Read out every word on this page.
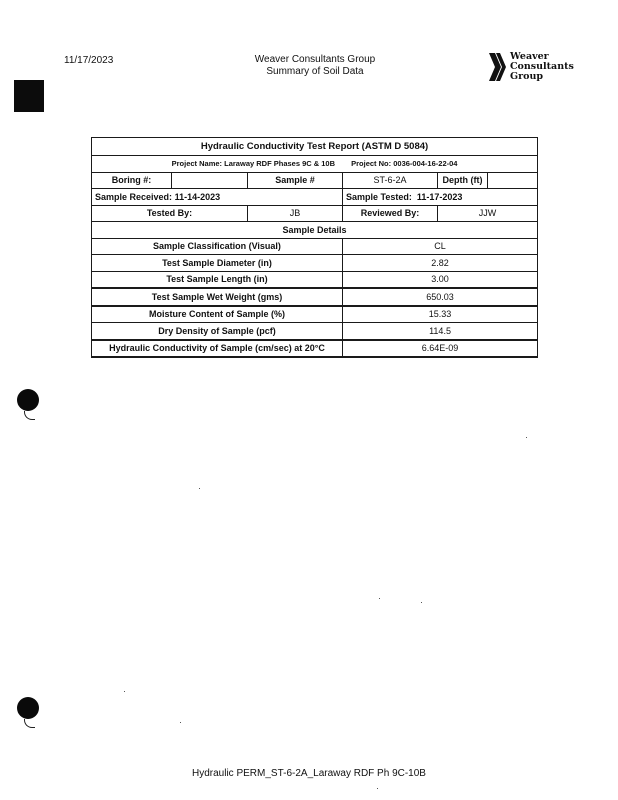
11/17/2023	Weaver Consultants Group
Summary of Soil Data
Weaver
Consultants
Group
Hydraulic Conductivity Test Report (ASTM D 5084)					
Project Name: Laraway RDF Phases 9C & 10B Project No: 0036-004-16-22-04					
Boring #:		Sample #	ST-6-2A	Depth (ft)	
Sample Received: 11-14-2023			Sample Tested: 11-17-2023		
Tested By:		JB	Reviewed By:	JJW	
Sample Details					
Sample Classification (Visual)			CL		
Test Sample Diameter (in)			2.82		
Test Sample Length (in)			3.00		
Test Sample Wet Weight (gms)			650.03		
Moisture Content of Sample (%)			15.33		
Dry Density of Sample (pcf)			114.5		
Hydraulic Conductivity of Sample (cm/sec) at 20°C			6.64E-09		
Hydraulic PERM_ST-6-2A_Laraway RDF Ph 9C-10B
